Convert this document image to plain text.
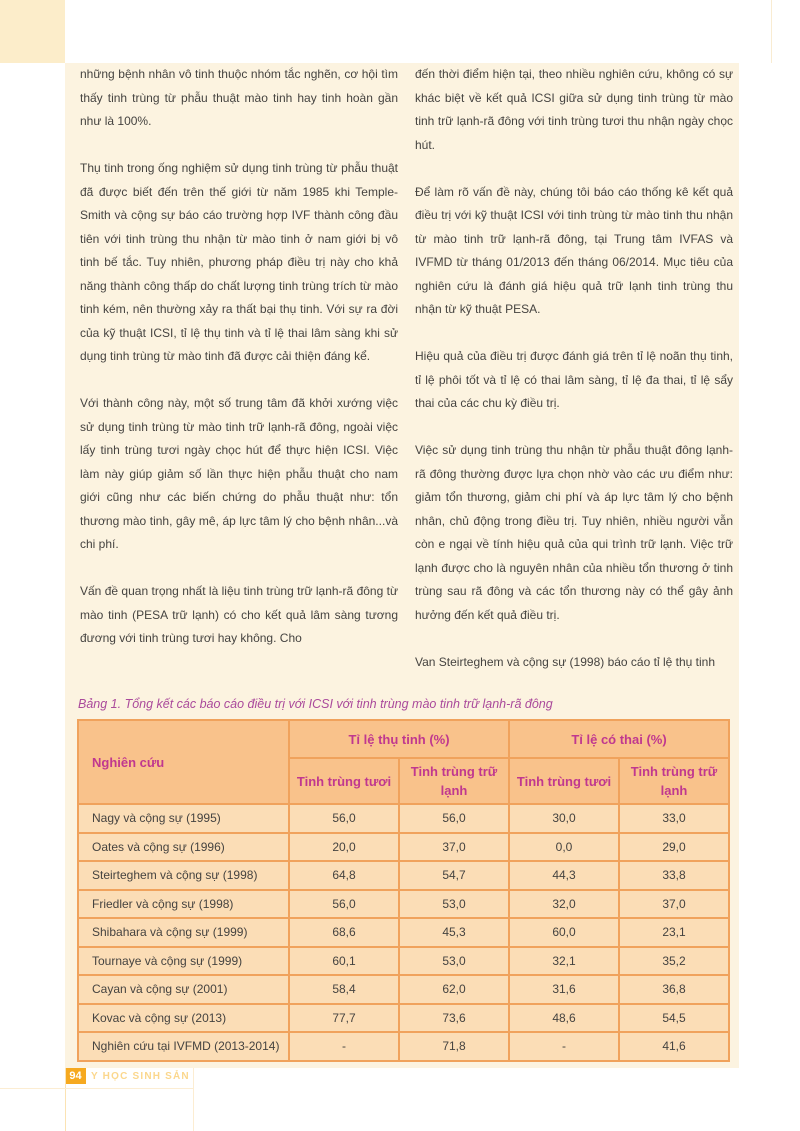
những bệnh nhân vô tinh thuộc nhóm tắc nghẽn, cơ hội tìm thấy tinh trùng từ phẫu thuật mào tinh hay tinh hoàn gần như là 100%.

Thụ tinh trong ống nghiệm sử dụng tinh trùng từ phẫu thuật đã được biết đến trên thế giới từ năm 1985 khi Temple-Smith và cộng sự báo cáo trường hợp IVF thành công đầu tiên với tinh trùng thu nhận từ mào tinh ở nam giới bị vô tinh bế tắc. Tuy nhiên, phương pháp điều trị này cho khả năng thành công thấp do chất lượng tinh trùng trích từ mào tinh kém, nên thường xảy ra thất bại thụ tinh. Với sự ra đời của kỹ thuật ICSI, tỉ lệ thụ tinh và tỉ lệ thai lâm sàng khi sử dụng tinh trùng từ mào tinh đã được cải thiện đáng kể.

Với thành công này, một số trung tâm đã khởi xướng việc sử dụng tinh trùng từ mào tinh trữ lạnh-rã đông, ngoài việc lấy tinh trùng tươi ngày chọc hút để thực hiện ICSI. Việc làm này giúp giảm số lần thực hiện phẫu thuật cho nam giới cũng như các biến chứng do phẫu thuật như: tổn thương mào tinh, gây mê, áp lực tâm lý cho bệnh nhân...và chi phí.

Vấn đề quan trọng nhất là liệu tinh trùng trữ lạnh-rã đông từ mào tinh (PESA trữ lạnh) có cho kết quả lâm sàng tương đương với tinh trùng tươi hay không. Cho

đến thời điểm hiện tại, theo nhiều nghiên cứu, không có sự khác biệt về kết quả ICSI giữa sử dụng tinh trùng từ mào tinh trữ lạnh-rã đông với tinh trùng tươi thu nhận ngày chọc hút.

Để làm rõ vấn đề này, chúng tôi báo cáo thống kê kết quả điều trị với kỹ thuật ICSI với tinh trùng từ mào tinh thu nhận từ mào tinh trữ lạnh-rã đông, tại Trung tâm IVFAS và IVFMD từ tháng 01/2013 đến tháng 06/2014. Mục tiêu của nghiên cứu là đánh giá hiệu quả trữ lạnh tinh trùng thu nhận từ kỹ thuật PESA.

Hiệu quả của điều trị được đánh giá trên tỉ lệ noãn thụ tinh, tỉ lệ phôi tốt và tỉ lệ có thai lâm sàng, tỉ lệ đa thai, tỉ lệ sẩy thai của các chu kỳ điều trị.

Việc sử dụng tinh trùng thu nhận từ phẫu thuật đông lạnh-rã đông thường được lựa chọn nhờ vào các ưu điểm như: giảm tổn thương, giảm chi phí và áp lực tâm lý cho bệnh nhân, chủ động trong điều trị. Tuy nhiên, nhiều người vẫn còn e ngại về tính hiệu quả của qui trình trữ lạnh. Việc trữ lạnh được cho là nguyên nhân của nhiều tổn thương ở tinh trùng sau rã đông và các tổn thương này có thể gây ảnh hưởng đến kết quả điều trị.

Van Steirteghem và cộng sự (1998) báo cáo tỉ lệ thụ tinh

Bảng 1. Tổng kết các báo cáo điều trị với ICSI với tinh trùng mào tinh trữ lạnh-rã đông
Nghiên cứu	Tỉ lệ thụ tinh (%)		Tỉ lệ có thai (%)	
	Tinh trùng tươi	Tinh trùng trữ lạnh	Tinh trùng tươi	Tinh trùng trữ lạnh
Nagy và cộng sự (1995)	56,0	56,0	30,0	33,0
Oates và cộng sự (1996)	20,0	37,0	0,0	29,0
Steirteghem và cộng sự (1998)	64,8	54,7	44,3	33,8
Friedler và cộng sự (1998)	56,0	53,0	32,0	37,0
Shibahara và cộng sự (1999)	68,6	45,3	60,0	23,1
Tournaye và cộng sự (1999)	60,1	53,0	32,1	35,2
Cayan và cộng sự (2001)	58,4	62,0	31,6	36,8
Kovac và cộng sự (2013)	77,7	73,6	48,6	54,5
Nghiên cứu tại IVFMD (2013-2014)	-	71,8	-	41,6
94 Y HỌC SINH SẢN
